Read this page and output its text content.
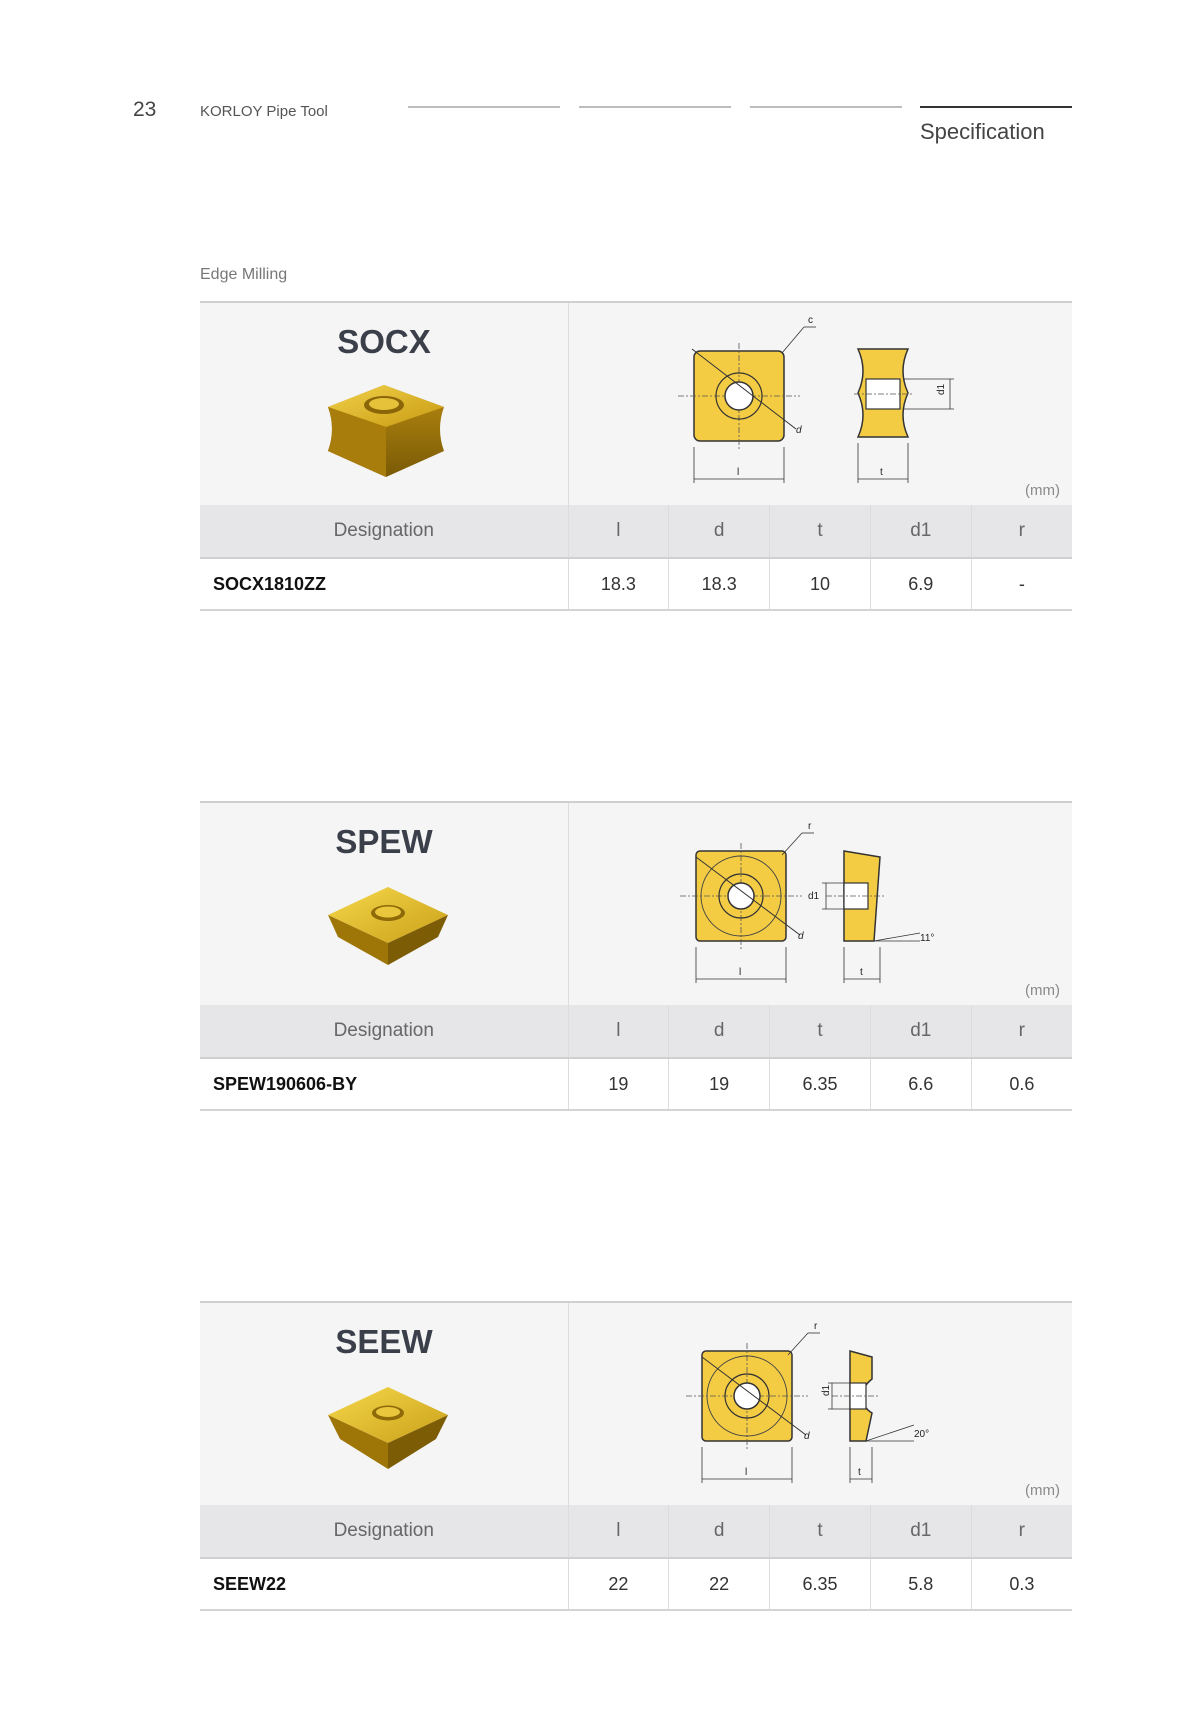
23	KORLOY Pipe Tool
Specification
Edge Milling
SOCX
c
d
l
d1
t
(mm)
Designation	l	d	t	d1	r
SOCX1810ZZ	18.3	18.3	10	6.9	-
SPEW	r
d
d1
l
11°
t
(mm)
Designation	l	d	t	d1	r
SPEW190606-BY	19	19	6.35	6.6	0.6
SEEW	r
d
l
d1
20°
t
(mm)
Designation	l	d	t	d1	r
SEEW22	22	22	6.35	5.8	0.3
